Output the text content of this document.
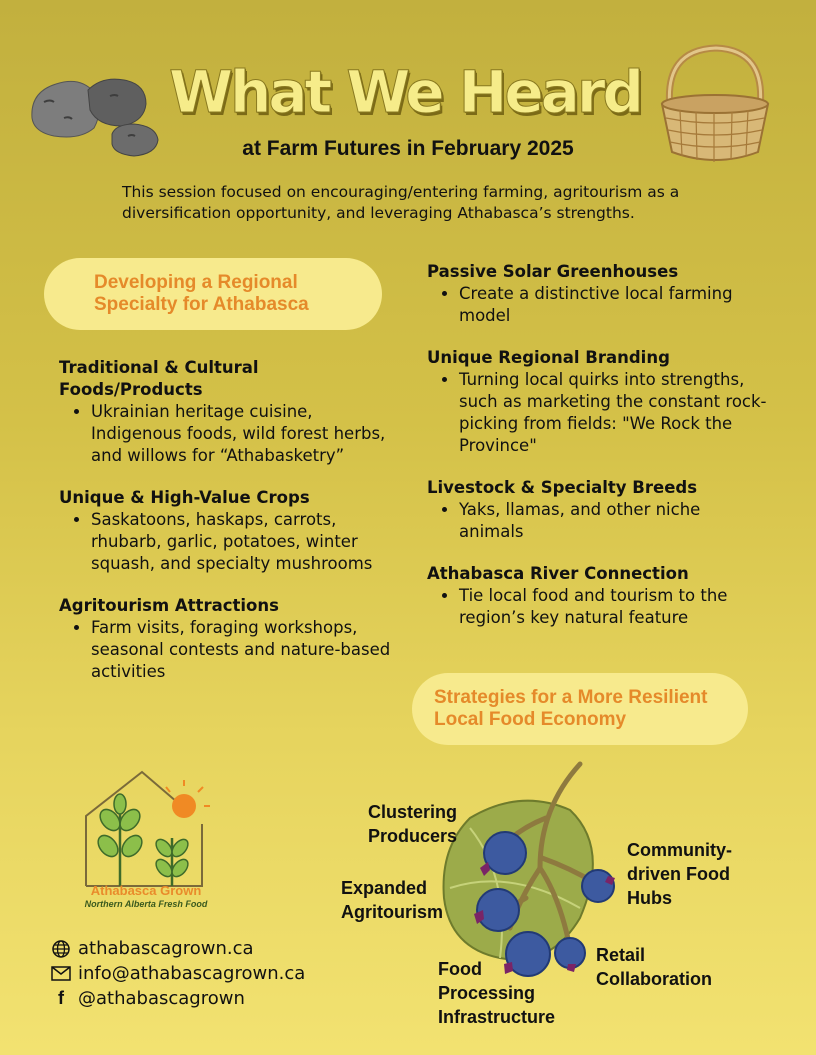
What We Heard
at Farm Futures in February 2025
This session focused on encouraging/entering farming, agritourism as a diversification opportunity, and leveraging Athabasca’s strengths.
Developing a Regional
Specialty for Athabasca
Traditional & Cultural Foods/Products
• Ukrainian heritage cuisine, Indigenous foods, wild forest herbs, and willows for “Athabasketry”
Unique & High-Value Crops
• Saskatoons, haskaps, carrots, rhubarb, garlic, potatoes, winter squash, and specialty mushrooms
Agritourism Attractions
• Farm visits, foraging workshops, seasonal contests and nature-based activities
Passive Solar Greenhouses
• Create a distinctive local farming model
Unique Regional Branding
• Turning local quirks into strengths, such as marketing the constant rock-picking from fields: "We Rock the Province"
Livestock & Specialty Breeds
• Yaks, llamas, and other niche animals
Athabasca River Connection
• Tie local food and tourism to the region’s key natural feature
Strategies for a More Resilient
Local Food Economy
Clustering
Producers
Expanded
Agritourism
Food
Processing
Infrastructure
Retail
Collaboration
Community-
driven Food
Hubs
Athabasca Grown
Northern Alberta Fresh Food
athabascagrown.ca
info@athabascagrown.ca
f @athabascagrown
